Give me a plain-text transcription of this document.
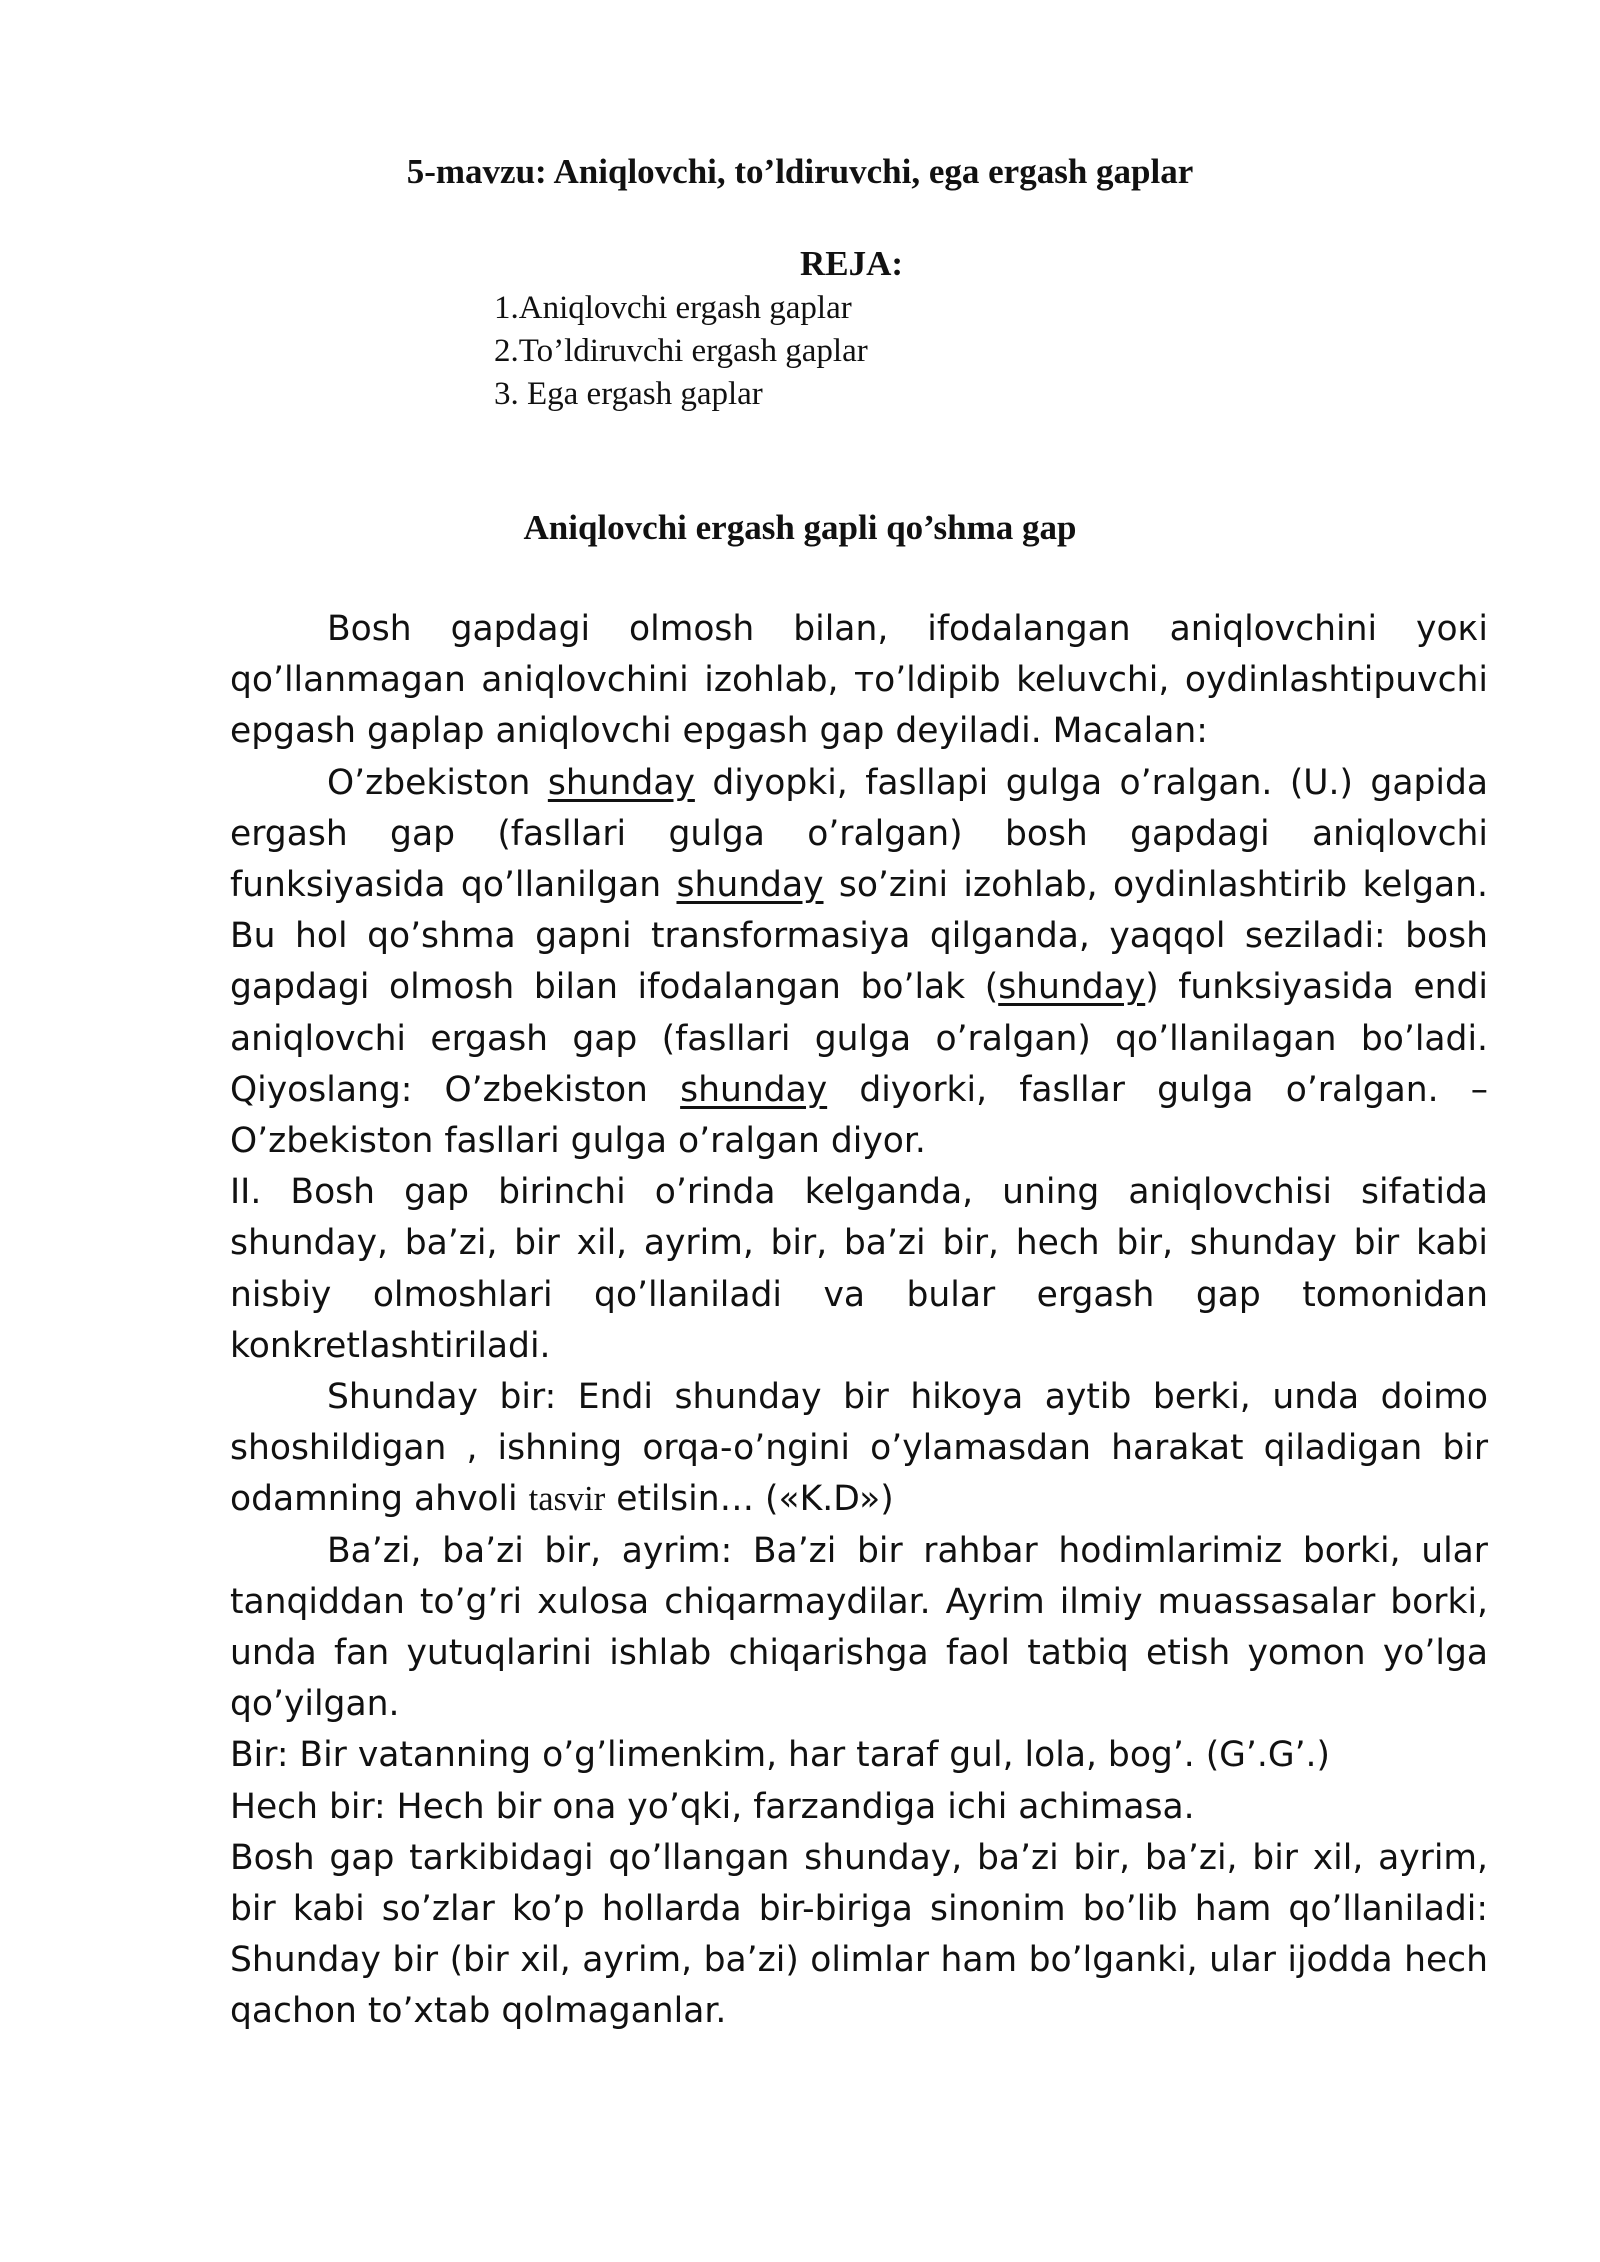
5-mavzu: Aniqlovchi, to’ldiruvchi, ega ergash gaplar
REJA:
1.Aniqlovchi ergash gaplar
2.To’ldiruvchi ergash gaplar
3. Ega ergash gaplar
Aniqlovchi ergash gapli qo’shma gap

Bosh gapdagi olmosh bilan, ifodalangan aniqlovchini yoкi qo’llanmagan aniqlovchini izohlab, тo’ldipib keluvchi, oydinlashtipuvchi epgash gaplap aniqlovchi epgash gap deyiladi. Macalan:

O’zbekiston shunday diyopki, fasllapi gulga o’ralgan. (U.) gapida ergash gap (fasllari gulga o’ralgan) bosh gapdagi aniqlovchi funksiyasida qo’llanilgan shunday so’zini izohlab, oydinlashtirib kelgan. Bu hol qo’shma gapni transformasiya qilganda, yaqqol seziladi: bosh gapdagi olmosh bilan ifodalangan bo’lak (shunday) funksiyasida endi aniqlovchi ergash gap (fasllari gulga o’ralgan) qo’llanilagan bo’ladi. Qiyoslang: O’zbekiston shunday diyorki, fasllar gulga o’ralgan. – O’zbekiston fasllari gulga o’ralgan diyor.

II. Bosh gap birinchi o’rinda kelganda, uning aniqlovchisi sifatida shunday, ba’zi, bir xil, ayrim, bir, ba’zi bir, hech bir, shunday bir kabi nisbiy olmoshlari qo’llaniladi va bular ergash gap tomonidan konkretlashtiriladi.

Shunday bir: Endi shunday bir hikoya aytib berki, unda doimo shoshildigan , ishning orqa-o’ngini o’ylamasdan harakat qiladigan bir odamning ahvoli tasvir etilsin… («K.D»)

Ba’zi, ba’zi bir, ayrim: Ba’zi bir rahbar hodimlarimiz borki, ular tanqiddan to’g’ri xulosa chiqarmaydilar. Ayrim ilmiy muassasalar borki, unda fan yutuqlarini ishlab chiqarishga faol tatbiq etish yomon yo’lga qo’yilgan.

Bir: Bir vatanning o’g’limenkim, har taraf gul, lola, bog’. (G’.G’.)

Hech bir: Hech bir ona yo’qki, farzandiga ichi achimasa.

Bosh gap tarkibidagi qo’llangan shunday, ba’zi bir, ba’zi, bir xil, ayrim, bir kabi so’zlar ko’p hollarda bir-biriga sinonim bo’lib ham qo’llaniladi: Shunday bir (bir xil, ayrim, ba’zi) olimlar ham bo’lganki, ular ijodda hech qachon to’xtab qolmaganlar.
